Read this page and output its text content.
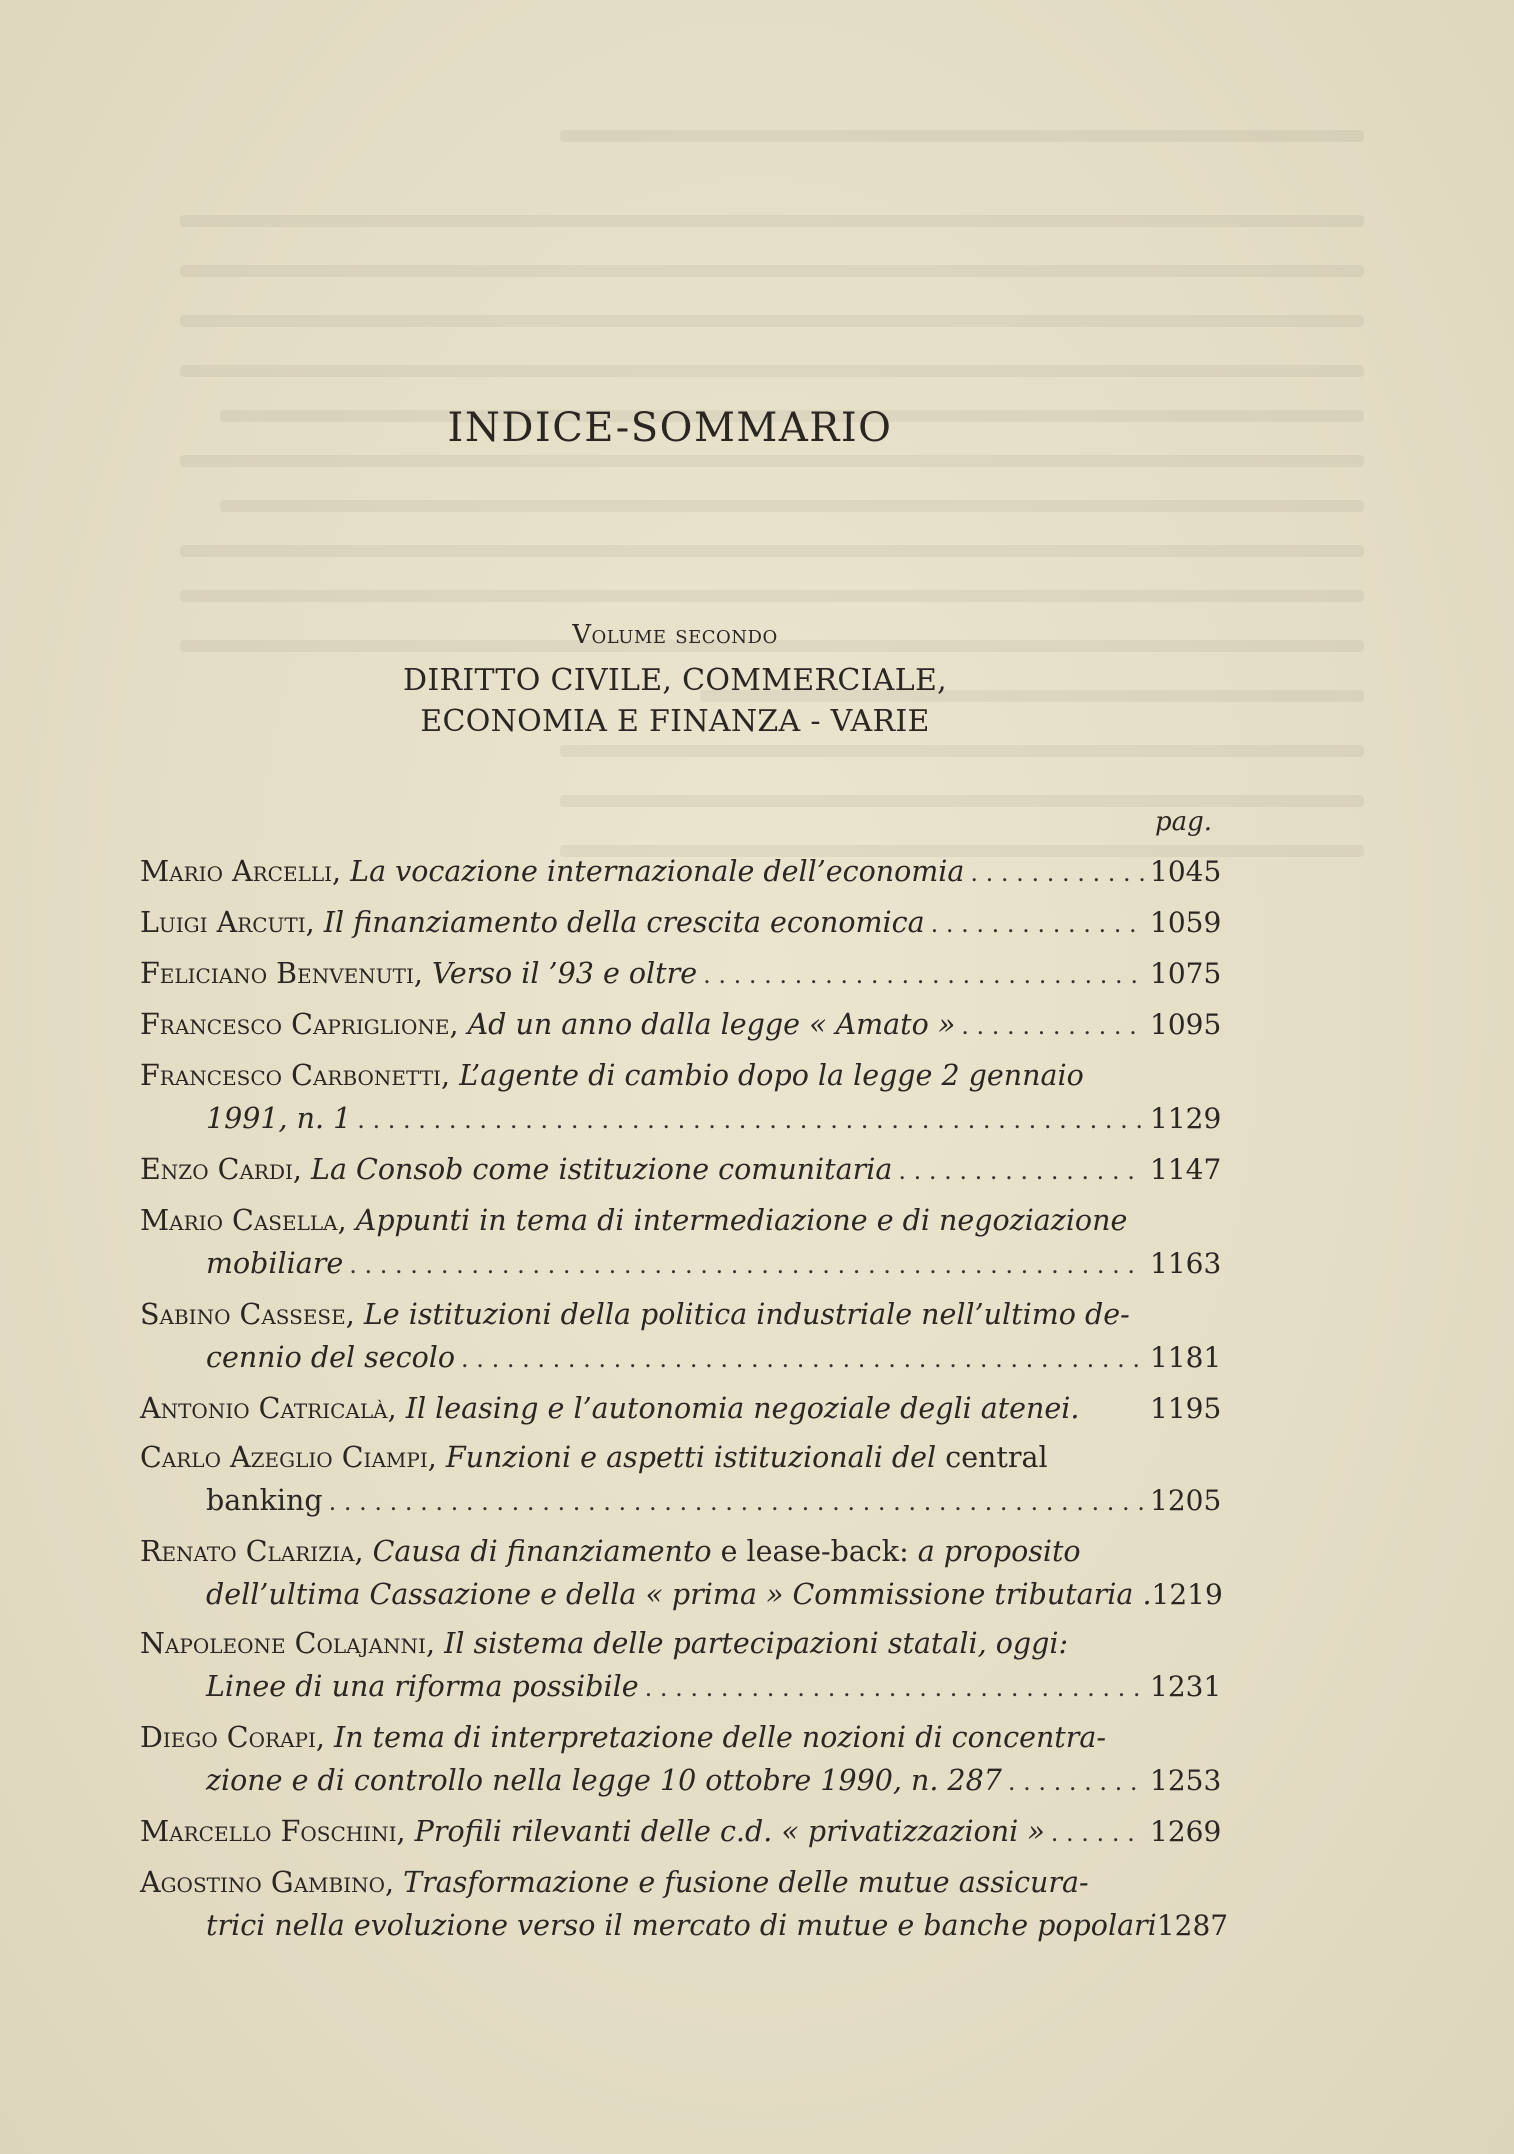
INDICE-SOMMARIO
Volume secondo
DIRITTO CIVILE, COMMERCIALE,
ECONOMIA E FINANZA - VARIE
pag.
Mario Arcelli , La vocazione internazionale dell’economia . . .	1045
Luigi Arcuti , Il finanziamento della crescita economica . . .	1059
Feliciano Benvenuti , Verso il ’93 e oltre . . .	1075
Francesco Capriglione , Ad un anno dalla legge « Amato » . . .	1095
Francesco Carbonetti , L’agente di cambio dopo la legge 2 gennaio
1991, n. 1 . . .	1129
Enzo Cardi , La Consob come istituzione comunitaria . . .	1147
Mario Casella , Appunti in tema di intermediazione e di negoziazione
mobiliare . . .	1163
Sabino Cassese , Le istituzioni della politica industriale nell’ultimo de-
cennio del secolo . . .	1181
Antonio Catricalà , Il leasing e l’autonomia negoziale degli atenei .	1195
Carlo Azeglio Ciampi , Funzioni e aspetti istituzionali del
central
banking . . .	1205
Renato Clarizia , Causa di finanziamento
e
lease-back:
a proposito
dell’ultima Cassazione e della « prima » Commissione tributaria . 1219
Napoleone Colajanni , Il sistema delle partecipazioni statali, oggi:
Linee di una riforma possibile . . .	1231
Diego Corapi , In tema di interpretazione delle nozioni di concentra-
zione e di controllo nella legge 10 ottobre 1990, n. 287 . . .	1253
Marcello Foschini , Profili rilevanti delle c.d. « privatizzazioni » . . .	1269
Agostino Gambino , Trasformazione e fusione delle mutue assicura-
trici nella evoluzione verso il mercato di mutue e banche popolari 1287
